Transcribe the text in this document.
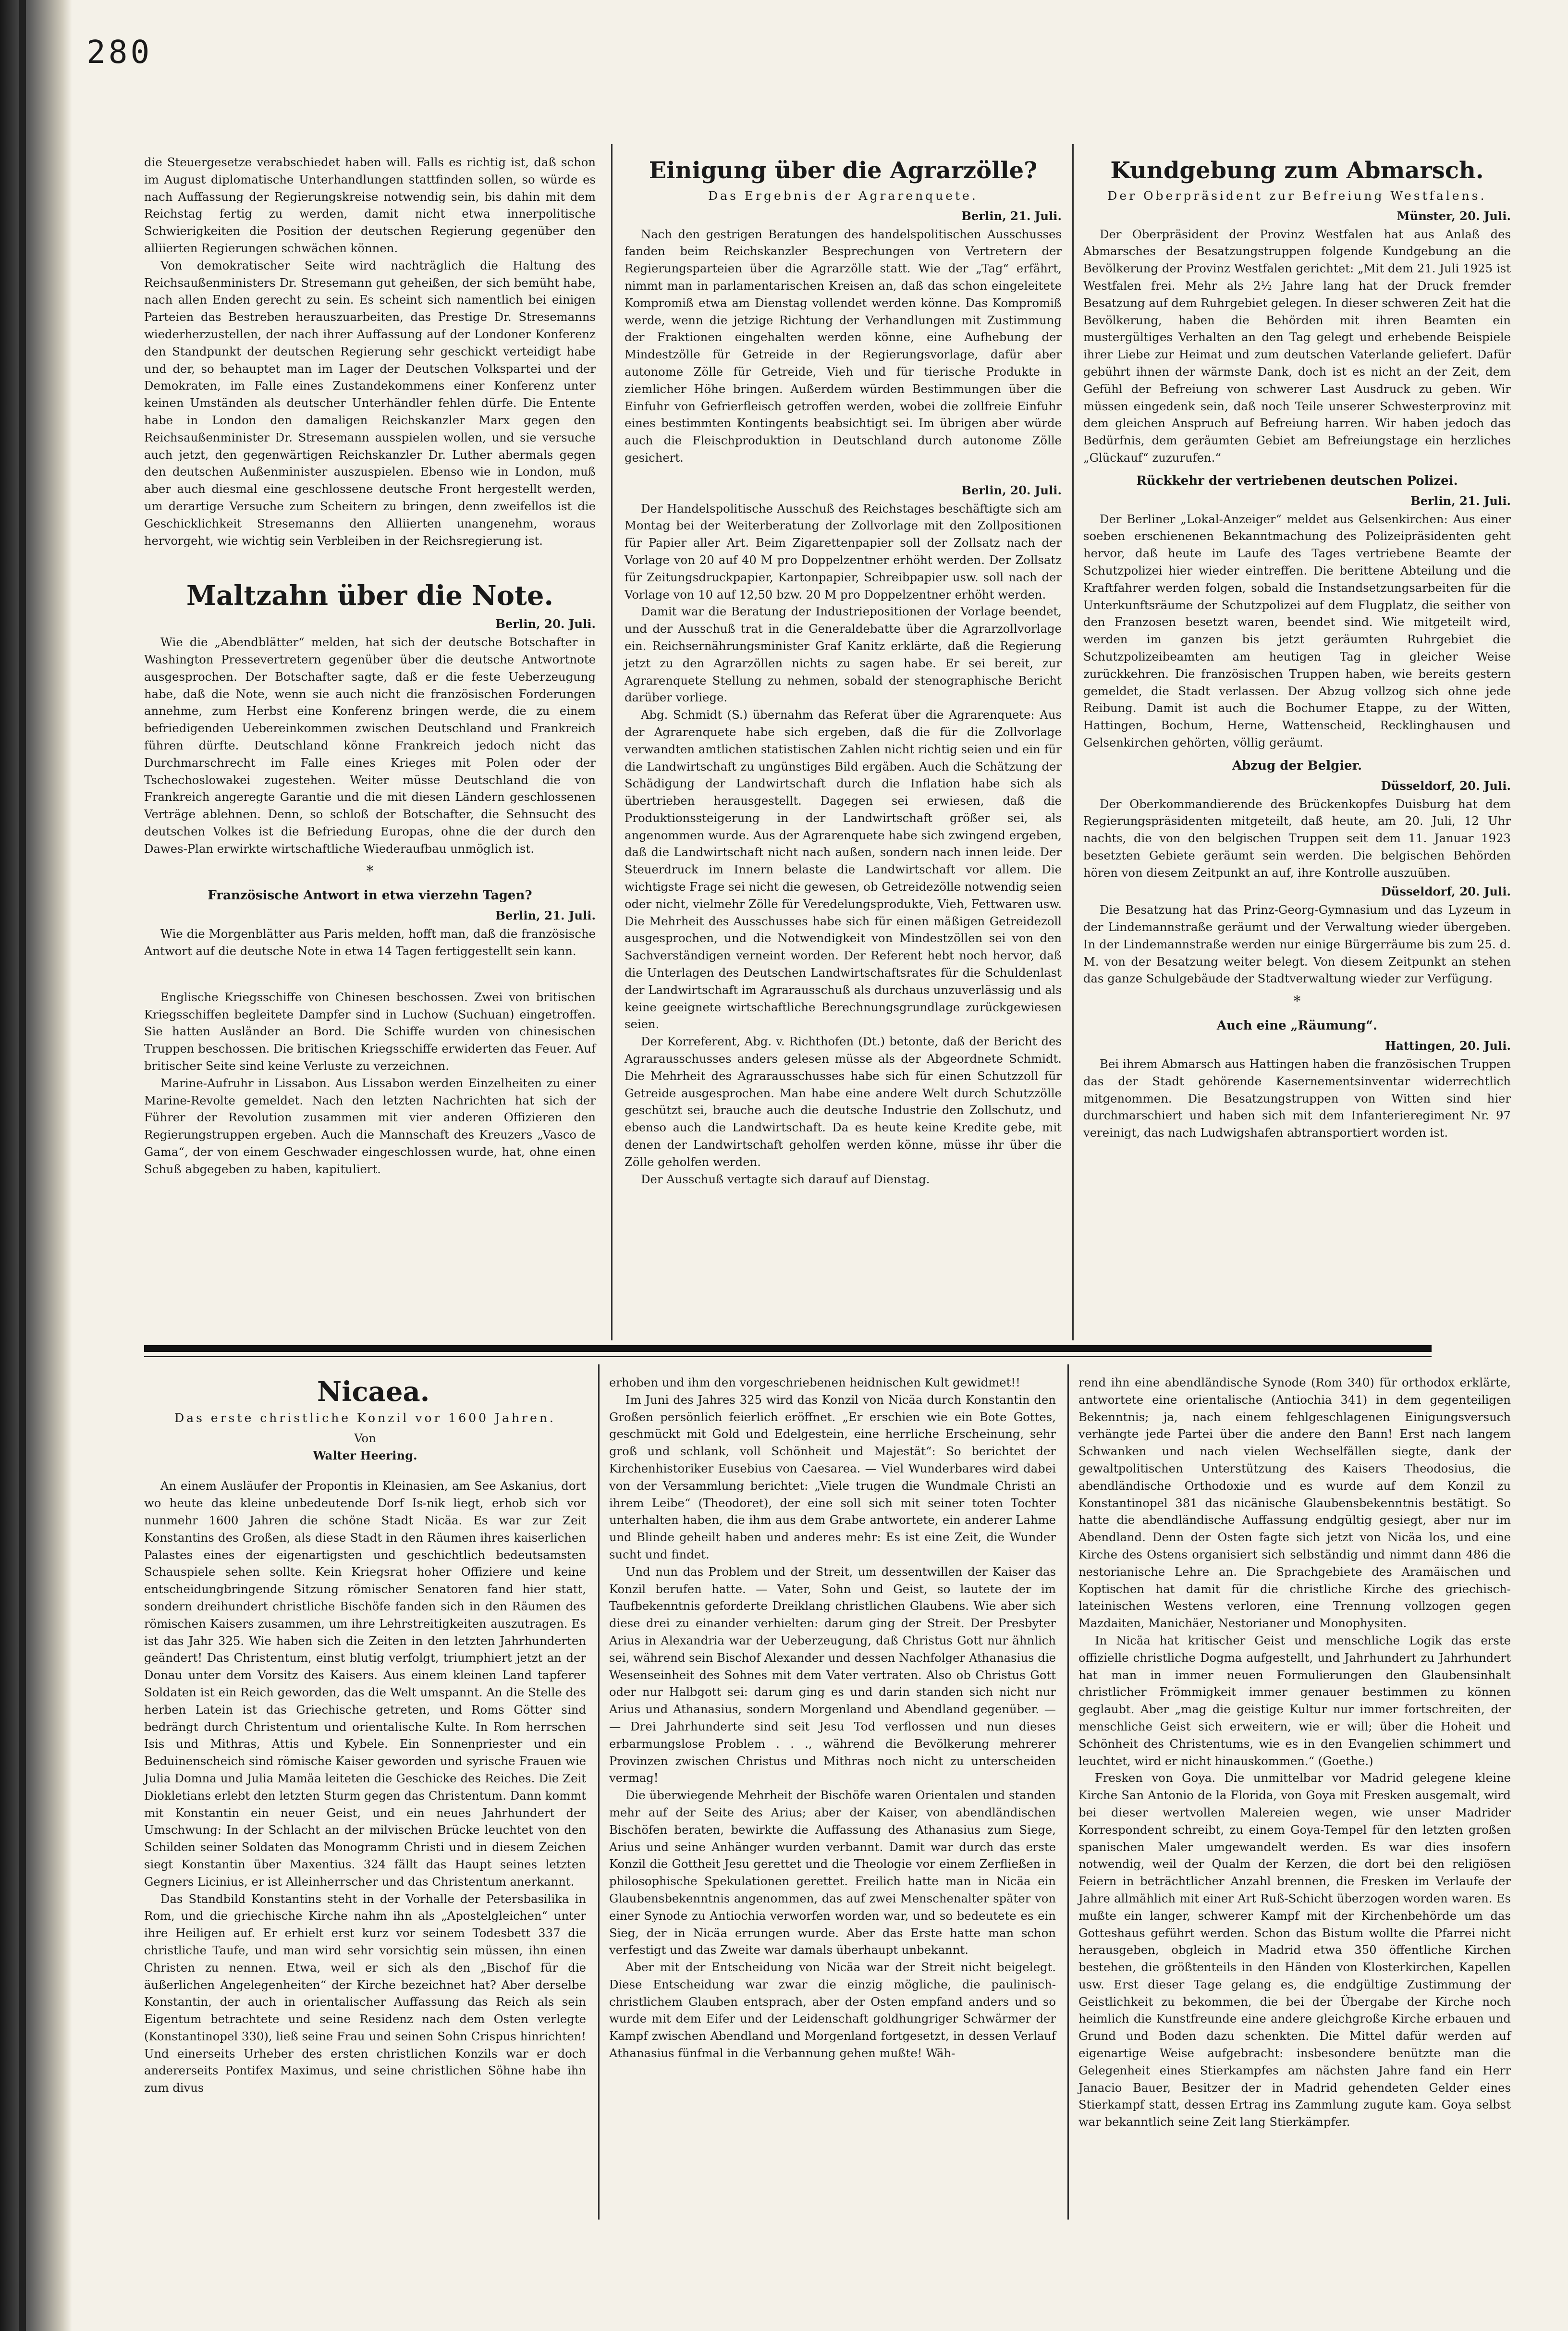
280

die Steuergesetze verabschiedet haben will. Falls es richtig ist, daß schon im August diplomatische Unterhandlungen stattfinden sollen, so würde es nach Auffassung der Regierungskreise notwendig sein, bis dahin mit dem Reichstag fertig zu werden, damit nicht etwa innerpolitische Schwierigkeiten die Position der deutschen Regierung gegenüber den alliierten Regierungen schwächen können.

Von demokratischer Seite wird nachträglich die Haltung des Reichsaußenministers Dr. Stresemann gut geheißen, der sich bemüht habe, nach allen Enden gerecht zu sein. Es scheint sich namentlich bei einigen Parteien das Bestreben herauszuarbeiten, das Prestige Dr. Stresemanns wiederherzustellen, der nach ihrer Auffassung auf der Londoner Konferenz den Standpunkt der deutschen Regierung sehr geschickt verteidigt habe und der, so behauptet man im Lager der Deutschen Volkspartei und der Demokraten, im Falle eines Zustandekommens einer Konferenz unter keinen Umständen als deutscher Unterhändler fehlen dürfe. Die Entente habe in London den damaligen Reichskanzler Marx gegen den Reichsaußenminister Dr. Stresemann ausspielen wollen, und sie versuche auch jetzt, den gegenwärtigen Reichskanzler Dr. Luther abermals gegen den deutschen Außenminister auszuspielen. Ebenso wie in London, muß aber auch diesmal eine geschlossene deutsche Front hergestellt werden, um derartige Versuche zum Scheitern zu bringen, denn zweifellos ist die Geschicklichkeit Stresemanns den Alliierten unangenehm, woraus hervorgeht, wie wichtig sein Verbleiben in der Reichsregierung ist.

Maltzahn über die Note.
Berlin, 20. Juli.

Wie die „Abendblätter“ melden, hat sich der deutsche Botschafter in Washington Pressevertretern gegenüber über die deutsche Antwortnote ausgesprochen. Der Botschafter sagte, daß er die feste Ueberzeugung habe, daß die Note, wenn sie auch nicht die französischen Forderungen annehme, zum Herbst eine Konferenz bringen werde, die zu einem befriedigenden Uebereinkommen zwischen Deutschland und Frankreich führen dürfte. Deutschland könne Frankreich jedoch nicht das Durchmarschrecht im Falle eines Krieges mit Polen oder der Tschechoslowakei zugestehen. Weiter müsse Deutschland die von Frankreich angeregte Garantie und die mit diesen Ländern geschlossenen Verträge ablehnen. Denn, so schloß der Botschafter, die Sehnsucht des deutschen Volkes ist die Befriedung Europas, ohne die der durch den Dawes-Plan erwirkte wirtschaftliche Wiederaufbau unmöglich ist.

*
Französische Antwort in etwa vierzehn Tagen?
Berlin, 21. Juli.

Wie die Morgenblätter aus Paris melden, hofft man, daß die französische Antwort auf die deutsche Note in etwa 14 Tagen fertiggestellt sein kann.

Englische Kriegsschiffe von Chinesen beschossen. Zwei von britischen Kriegsschiffen begleitete Dampfer sind in Luchow (Suchuan) eingetroffen. Sie hatten Ausländer an Bord. Die Schiffe wurden von chinesischen Truppen beschossen. Die britischen Kriegsschiffe erwiderten das Feuer. Auf britischer Seite sind keine Verluste zu verzeichnen.

Marine-Aufruhr in Lissabon. Aus Lissabon werden Einzelheiten zu einer Marine-Revolte gemeldet. Nach den letzten Nachrichten hat sich der Führer der Revolution zusammen mit vier anderen Offizieren den Regierungstruppen ergeben. Auch die Mannschaft des Kreuzers „Vasco de Gama“, der von einem Geschwader eingeschlossen wurde, hat, ohne einen Schuß abgegeben zu haben, kapituliert.

Einigung über die Agrarzölle?
Das Ergebnis der Agrarenquete.
Berlin, 21. Juli.

Nach den gestrigen Beratungen des handelspolitischen Ausschusses fanden beim Reichskanzler Besprechungen von Vertretern der Regierungsparteien über die Agrarzölle statt. Wie der „Tag“ erfährt, nimmt man in parlamentarischen Kreisen an, daß das schon eingeleitete Kompromiß etwa am Dienstag vollendet werden könne. Das Kompromiß werde, wenn die jetzige Richtung der Verhandlungen mit Zustimmung der Fraktionen eingehalten werden könne, eine Aufhebung der Mindestzölle für Getreide in der Regierungsvorlage, dafür aber autonome Zölle für Getreide, Vieh und für tierische Produkte in ziemlicher Höhe bringen. Außerdem würden Bestimmungen über die Einfuhr von Gefrierfleisch getroffen werden, wobei die zollfreie Einfuhr eines bestimmten Kontingents beabsichtigt sei. Im übrigen aber würde auch die Fleischproduktion in Deutschland durch autonome Zölle gesichert.

Berlin, 20. Juli.

Der Handelspolitische Ausschuß des Reichstages beschäftigte sich am Montag bei der Weiterberatung der Zollvorlage mit den Zollpositionen für Papier aller Art. Beim Zigarettenpapier soll der Zollsatz nach der Vorlage von 20 auf 40 M pro Doppelzentner erhöht werden. Der Zollsatz für Zeitungsdruckpapier, Kartonpapier, Schreibpapier usw. soll nach der Vorlage von 10 auf 12,50 bzw. 20 M pro Doppelzentner erhöht werden.

Damit war die Beratung der Industriepositionen der Vorlage beendet, und der Ausschuß trat in die Generaldebatte über die Agrarzollvorlage ein. Reichsernährungsminister Graf Kanitz erklärte, daß die Regierung jetzt zu den Agrarzöllen nichts zu sagen habe. Er sei bereit, zur Agrarenquete Stellung zu nehmen, sobald der stenographische Bericht darüber vorliege.

Abg. Schmidt (S.) übernahm das Referat über die Agrarenquete: Aus der Agrarenquete habe sich ergeben, daß die für die Zollvorlage verwandten amtlichen statistischen Zahlen nicht richtig seien und ein für die Landwirtschaft zu ungünstiges Bild ergäben. Auch die Schätzung der Schädigung der Landwirtschaft durch die Inflation habe sich als übertrieben herausgestellt. Dagegen sei erwiesen, daß die Produktionssteigerung in der Landwirtschaft größer sei, als angenommen wurde. Aus der Agrarenquete habe sich zwingend ergeben, daß die Landwirtschaft nicht nach außen, sondern nach innen leide. Der Steuerdruck im Innern belaste die Landwirtschaft vor allem. Die wichtigste Frage sei nicht die gewesen, ob Getreidezölle notwendig seien oder nicht, vielmehr Zölle für Veredelungsprodukte, Vieh, Fettwaren usw. Die Mehrheit des Ausschusses habe sich für einen mäßigen Getreidezoll ausgesprochen, und die Notwendigkeit von Mindestzöllen sei von den Sachverständigen verneint worden. Der Referent hebt noch hervor, daß die Unterlagen des Deutschen Landwirtschaftsrates für die Schuldenlast der Landwirtschaft im Agrarausschuß als durchaus unzuverlässig und als keine geeignete wirtschaftliche Berechnungsgrundlage zurückgewiesen seien.

Der Korreferent, Abg. v. Richthofen (Dt.) betonte, daß der Bericht des Agrarausschusses anders gelesen müsse als der Abgeordnete Schmidt. Die Mehrheit des Agrarausschusses habe sich für einen Schutzzoll für Getreide ausgesprochen. Man habe eine andere Welt durch Schutzzölle geschützt sei, brauche auch die deutsche Industrie den Zollschutz, und ebenso auch die Landwirtschaft. Da es heute keine Kredite gebe, mit denen der Landwirtschaft geholfen werden könne, müsse ihr über die Zölle geholfen werden.

Der Ausschuß vertagte sich darauf auf Dienstag.

Kundgebung zum Abmarsch.
Der Oberpräsident zur Befreiung Westfalens.
Münster, 20. Juli.

Der Oberpräsident der Provinz Westfalen hat aus Anlaß des Abmarsches der Besatzungstruppen folgende Kundgebung an die Bevölkerung der Provinz Westfalen gerichtet: „Mit dem 21. Juli 1925 ist Westfalen frei. Mehr als 2½ Jahre lang hat der Druck fremder Besatzung auf dem Ruhrgebiet gelegen. In dieser schweren Zeit hat die Bevölkerung, haben die Behörden mit ihren Beamten ein mustergültiges Verhalten an den Tag gelegt und erhebende Beispiele ihrer Liebe zur Heimat und zum deutschen Vaterlande geliefert. Dafür gebührt ihnen der wärmste Dank, doch ist es nicht an der Zeit, dem Gefühl der Befreiung von schwerer Last Ausdruck zu geben. Wir müssen eingedenk sein, daß noch Teile unserer Schwesterprovinz mit dem gleichen Anspruch auf Befreiung harren. Wir haben jedoch das Bedürfnis, dem geräumten Gebiet am Befreiungstage ein herzliches „Glückauf“ zuzurufen.“

Rückkehr der vertriebenen deutschen Polizei.
Berlin, 21. Juli.

Der Berliner „Lokal-Anzeiger“ meldet aus Gelsenkirchen: Aus einer soeben erschienenen Bekanntmachung des Polizeipräsidenten geht hervor, daß heute im Laufe des Tages vertriebene Beamte der Schutzpolizei hier wieder eintreffen. Die berittene Abteilung und die Kraftfahrer werden folgen, sobald die Instandsetzungsarbeiten für die Unterkunftsräume der Schutzpolizei auf dem Flugplatz, die seither von den Franzosen besetzt waren, beendet sind. Wie mitgeteilt wird, werden im ganzen bis jetzt geräumten Ruhrgebiet die Schutzpolizeibeamten am heutigen Tag in gleicher Weise zurückkehren. Die französischen Truppen haben, wie bereits gestern gemeldet, die Stadt verlassen. Der Abzug vollzog sich ohne jede Reibung. Damit ist auch die Bochumer Etappe, zu der Witten, Hattingen, Bochum, Herne, Wattenscheid, Recklinghausen und Gelsenkirchen gehörten, völlig geräumt.

Abzug der Belgier.
Düsseldorf, 20. Juli.

Der Oberkommandierende des Brückenkopfes Duisburg hat dem Regierungspräsidenten mitgeteilt, daß heute, am 20. Juli, 12 Uhr nachts, die von den belgischen Truppen seit dem 11. Januar 1923 besetzten Gebiete geräumt sein werden. Die belgischen Behörden hören von diesem Zeitpunkt an auf, ihre Kontrolle auszuüben.

Düsseldorf, 20. Juli.

Die Besatzung hat das Prinz-Georg-Gymnasium und das Lyzeum in der Lindemannstraße geräumt und der Verwaltung wieder übergeben. In der Lindemannstraße werden nur einige Bürgerräume bis zum 25. d. M. von der Besatzung weiter belegt. Von diesem Zeitpunkt an stehen das ganze Schulgebäude der Stadtverwaltung wieder zur Verfügung.

*
Auch eine „Räumung“.
Hattingen, 20. Juli.

Bei ihrem Abmarsch aus Hattingen haben die französischen Truppen das der Stadt gehörende Kasernementsinventar widerrechtlich mitgenommen. Die Besatzungstruppen von Witten sind hier durchmarschiert und haben sich mit dem Infanterieregiment Nr. 97 vereinigt, das nach Ludwigshafen abtransportiert worden ist.

Nicaea.
Das erste christliche Konzil vor 1600 Jahren.
Von
Walter Heering.

An einem Ausläufer der Propontis in Kleinasien, am See Askanius, dort wo heute das kleine unbedeutende Dorf Is-nik liegt, erhob sich vor nunmehr 1600 Jahren die schöne Stadt Nicäa. Es war zur Zeit Konstantins des Großen, als diese Stadt in den Räumen ihres kaiserlichen Palastes eines der eigenartigsten und geschichtlich bedeutsamsten Schauspiele sehen sollte. Kein Kriegsrat hoher Offiziere und keine entscheidungbringende Sitzung römischer Senatoren fand hier statt, sondern dreihundert christliche Bischöfe fanden sich in den Räumen des römischen Kaisers zusammen, um ihre Lehrstreitigkeiten auszutragen. Es ist das Jahr 325. Wie haben sich die Zeiten in den letzten Jahrhunderten geändert! Das Christentum, einst blutig verfolgt, triumphiert jetzt an der Donau unter dem Vorsitz des Kaisers. Aus einem kleinen Land tapferer Soldaten ist ein Reich geworden, das die Welt umspannt. An die Stelle des herben Latein ist das Griechische getreten, und Roms Götter sind bedrängt durch Christentum und orientalische Kulte. In Rom herrschen Isis und Mithras, Attis und Kybele. Ein Sonnenpriester und ein Beduinenscheich sind römische Kaiser geworden und syrische Frauen wie Julia Domna und Julia Mamäa leiteten die Geschicke des Reiches. Die Zeit Diokletians erlebt den letzten Sturm gegen das Christentum. Dann kommt mit Konstantin ein neuer Geist, und ein neues Jahrhundert der Umschwung: In der Schlacht an der milvischen Brücke leuchtet von den Schilden seiner Soldaten das Monogramm Christi und in diesem Zeichen siegt Konstantin über Maxentius. 324 fällt das Haupt seines letzten Gegners Licinius, er ist Alleinherrscher und das Christentum anerkannt.

Das Standbild Konstantins steht in der Vorhalle der Petersbasilika in Rom, und die griechische Kirche nahm ihn als „Apostelgleichen“ unter ihre Heiligen auf. Er erhielt erst kurz vor seinem Todesbett 337 die christliche Taufe, und man wird sehr vorsichtig sein müssen, ihn einen Christen zu nennen. Etwa, weil er sich als den „Bischof für die äußerlichen Angelegenheiten“ der Kirche bezeichnet hat? Aber derselbe Konstantin, der auch in orientalischer Auffassung das Reich als sein Eigentum betrachtete und seine Residenz nach dem Osten verlegte (Konstantinopel 330), ließ seine Frau und seinen Sohn Crispus hinrichten! Und einerseits Urheber des ersten christlichen Konzils war er doch andererseits Pontifex Maximus, und seine christlichen Söhne habe ihn zum divus

erhoben und ihm den vorgeschriebenen heidnischen Kult gewidmet!!

Im Juni des Jahres 325 wird das Konzil von Nicäa durch Konstantin den Großen persönlich feierlich eröffnet. „Er erschien wie ein Bote Gottes, geschmückt mit Gold und Edelgestein, eine herrliche Erscheinung, sehr groß und schlank, voll Schönheit und Majestät“: So berichtet der Kirchenhistoriker Eusebius von Caesarea. — Viel Wunderbares wird dabei von der Versammlung berichtet: „Viele trugen die Wundmale Christi an ihrem Leibe“ (Theodoret), der eine soll sich mit seiner toten Tochter unterhalten haben, die ihm aus dem Grabe antwortete, ein anderer Lahme und Blinde geheilt haben und anderes mehr: Es ist eine Zeit, die Wunder sucht und findet.

Und nun das Problem und der Streit, um dessentwillen der Kaiser das Konzil berufen hatte. — Vater, Sohn und Geist, so lautete der im Taufbekenntnis geforderte Dreiklang christlichen Glaubens. Wie aber sich diese drei zu einander verhielten: darum ging der Streit. Der Presbyter Arius in Alexandria war der Ueberzeugung, daß Christus Gott nur ähnlich sei, während sein Bischof Alexander und dessen Nachfolger Athanasius die Wesenseinheit des Sohnes mit dem Vater vertraten. Also ob Christus Gott oder nur Halbgott sei: darum ging es und darin standen sich nicht nur Arius und Athanasius, sondern Morgenland und Abendland gegenüber. — — Drei Jahrhunderte sind seit Jesu Tod verflossen und nun dieses erbarmungslose Problem . . ., während die Bevölkerung mehrerer Provinzen zwischen Christus und Mithras noch nicht zu unterscheiden vermag!

Die überwiegende Mehrheit der Bischöfe waren Orientalen und standen mehr auf der Seite des Arius; aber der Kaiser, von abendländischen Bischöfen beraten, bewirkte die Auffassung des Athanasius zum Siege, Arius und seine Anhänger wurden verbannt. Damit war durch das erste Konzil die Gottheit Jesu gerettet und die Theologie vor einem Zerfließen in philosophische Spekulationen gerettet. Freilich hatte man in Nicäa ein Glaubensbekenntnis angenommen, das auf zwei Menschenalter später von einer Synode zu Antiochia verworfen worden war, und so bedeutete es ein Sieg, der in Nicäa errungen wurde. Aber das Erste hatte man schon verfestigt und das Zweite war damals überhaupt unbekannt.

Aber mit der Entscheidung von Nicäa war der Streit nicht beigelegt. Diese Entscheidung war zwar die einzig mögliche, die paulinisch-christlichem Glauben entsprach, aber der Osten empfand anders und so wurde mit dem Eifer und der Leidenschaft goldhungriger Schwärmer der Kampf zwischen Abendland und Morgenland fortgesetzt, in dessen Verlauf Athanasius fünfmal in die Verbannung gehen mußte! Wäh-

rend ihn eine abendländische Synode (Rom 340) für orthodox erklärte, antwortete eine orientalische (Antiochia 341) in dem gegenteiligen Bekenntnis; ja, nach einem fehlgeschlagenen Einigungsversuch verhängte jede Partei über die andere den Bann! Erst nach langem Schwanken und nach vielen Wechselfällen siegte, dank der gewaltpolitischen Unterstützung des Kaisers Theodosius, die abendländische Orthodoxie und es wurde auf dem Konzil zu Konstantinopel 381 das nicänische Glaubensbekenntnis bestätigt. So hatte die abendländische Auffassung endgültig gesiegt, aber nur im Abendland. Denn der Osten fagte sich jetzt von Nicäa los, und eine Kirche des Ostens organisiert sich selbständig und nimmt dann 486 die nestorianische Lehre an. Die Sprachgebiete des Aramäischen und Koptischen hat damit für die christliche Kirche des griechisch-lateinischen Westens verloren, eine Trennung vollzogen gegen Mazdaiten, Manichäer, Nestorianer und Monophysiten.

In Nicäa hat kritischer Geist und menschliche Logik das erste offizielle christliche Dogma aufgestellt, und Jahrhundert zu Jahrhundert hat man in immer neuen Formulierungen den Glaubensinhalt christlicher Frömmigkeit immer genauer bestimmen zu können geglaubt. Aber „mag die geistige Kultur nur immer fortschreiten, der menschliche Geist sich erweitern, wie er will; über die Hoheit und Schönheit des Christentums, wie es in den Evangelien schimmert und leuchtet, wird er nicht hinauskommen.“ (Goethe.)

Fresken von Goya. Die unmittelbar vor Madrid gelegene kleine Kirche San Antonio de la Florida, von Goya mit Fresken ausgemalt, wird bei dieser wertvollen Malereien wegen, wie unser Madrider Korrespondent schreibt, zu einem Goya-Tempel für den letzten großen spanischen Maler umgewandelt werden. Es war dies insofern notwendig, weil der Qualm der Kerzen, die dort bei den religiösen Feiern in beträchtlicher Anzahl brennen, die Fresken im Verlaufe der Jahre allmählich mit einer Art Ruß-Schicht überzogen worden waren. Es mußte ein langer, schwerer Kampf mit der Kirchenbehörde um das Gotteshaus geführt werden. Schon das Bistum wollte die Pfarrei nicht herausgeben, obgleich in Madrid etwa 350 öffentliche Kirchen bestehen, die größtenteils in den Händen von Klosterkirchen, Kapellen usw. Erst dieser Tage gelang es, die endgültige Zustimmung der Geistlichkeit zu bekommen, die bei der Übergabe der Kirche noch heimlich die Kunstfreunde eine andere gleichgroße Kirche erbauen und Grund und Boden dazu schenkten. Die Mittel dafür werden auf eigenartige Weise aufgebracht: insbesondere benützte man die Gelegenheit eines Stierkampfes am nächsten Jahre fand ein Herr Janacio Bauer, Besitzer der in Madrid gehendeten Gelder eines Stierkampf statt, dessen Ertrag ins Zammlung zugute kam. Goya selbst war bekanntlich seine Zeit lang Stierkämpfer.
